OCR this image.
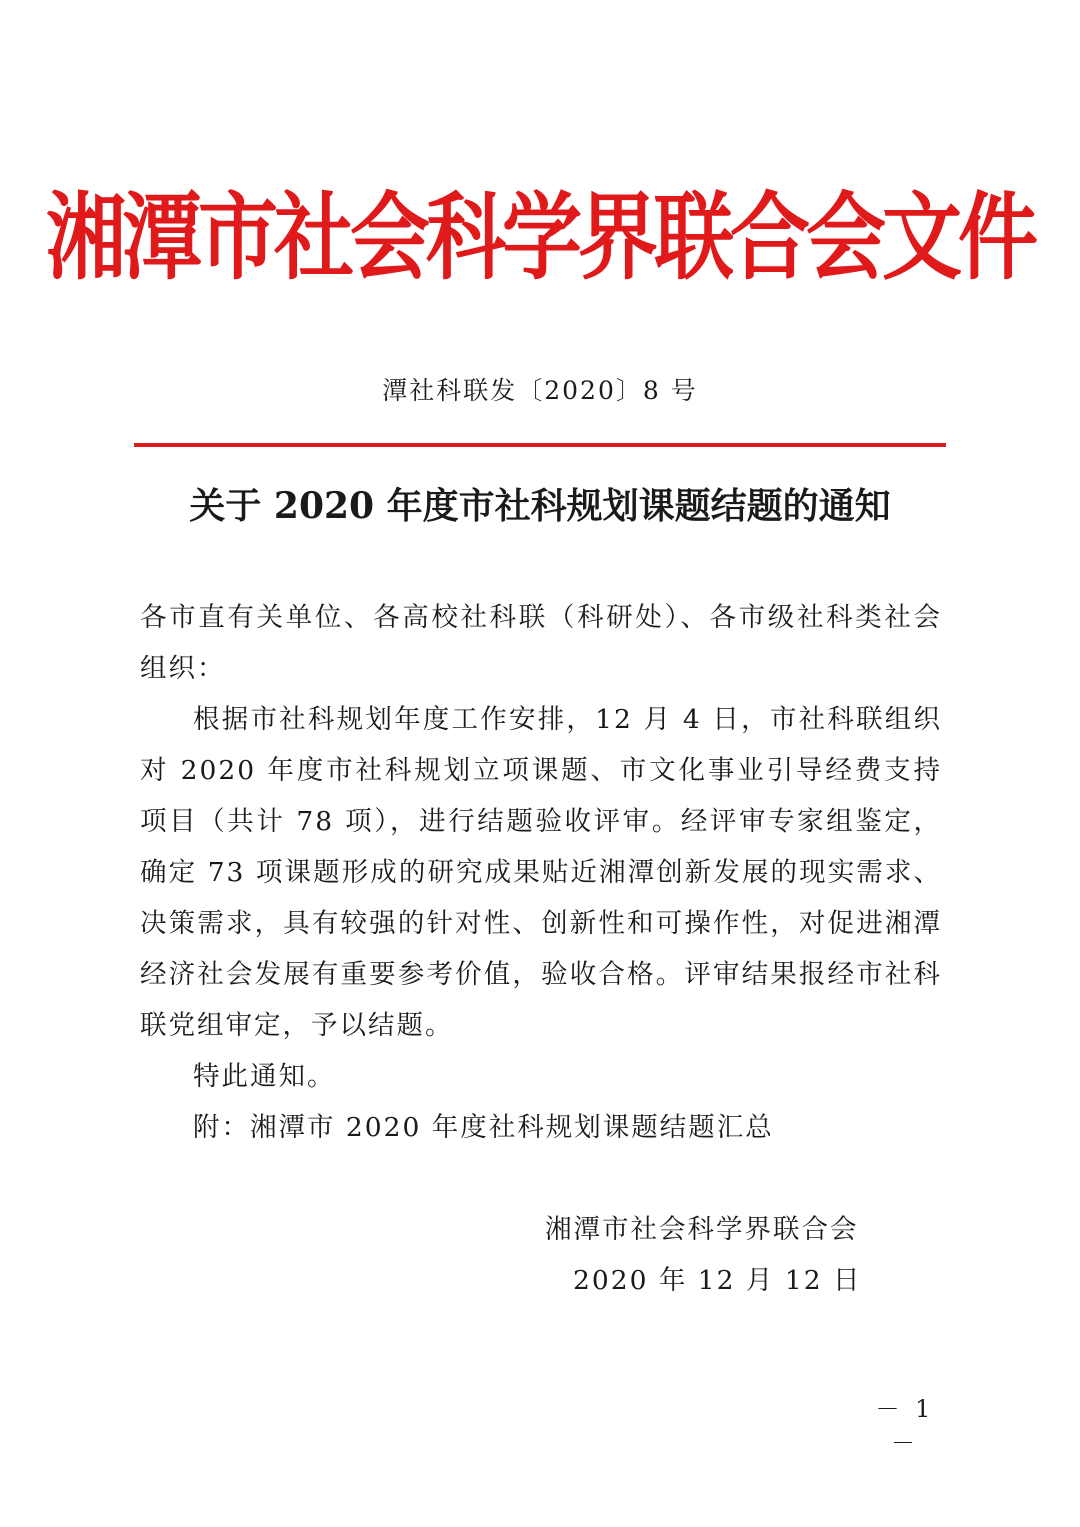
湘潭市社会科学界联合会文件
潭社科联发〔2020〕8 号
关于 2020 年度市社科规划课题结题的通知

各市直有关单位、各高校社科联（科研处）、各市级社科类社会组织：

根据市社科规划年度工作安排，12 月 4 日，市社科联组织对 2020 年度市社科规划立项课题、市文化事业引导经费支持项目（共计 78 项），进行结题验收评审。经评审专家组鉴定，确定 73 项课题形成的研究成果贴近湘潭创新发展的现实需求、决策需求，具有较强的针对性、创新性和可操作性，对促进湘潭经济社会发展有重要参考价值，验收合格。评审结果报经市社科联党组审定，予以结题。

特此通知。

附：湘潭市 2020 年度社科规划课题结题汇总

湘潭市社会科学界联合会
2020 年 12 月 12 日
－ 1 －
